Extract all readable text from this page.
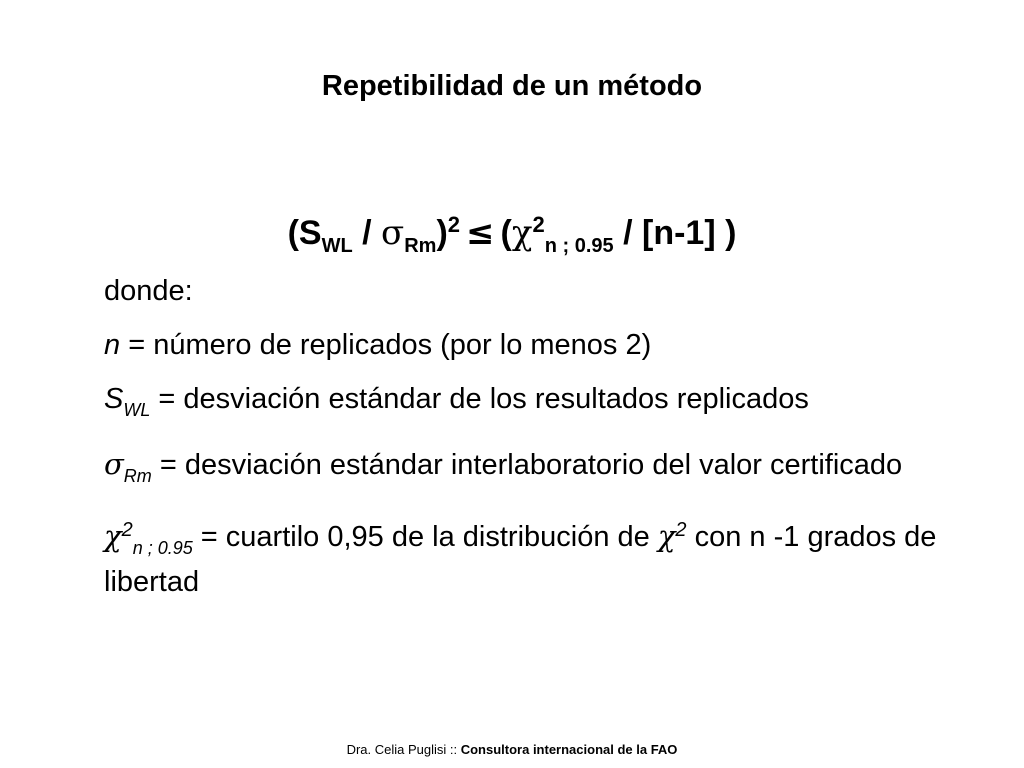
Repetibilidad de un método
$(S_{WL} / \sigma_{Rm})^2 \le (\chi^2_{n ; 0.95} / [n-1]$ )

donde:

n = número de replicados (por lo menos 2)

$S_{WL}$ = desviación estándar de los resultados replicados

$\sigma_{Rm}$ = desviación estándar interlaboratorio del valor certificado

$\chi^2_{n ; 0.95}$ = cuartilo 0,95 de la distribución de $\chi^2$ con n -1 grados de libertad

Dra. Celia Puglisi :: Consultora internacional de la FAO
